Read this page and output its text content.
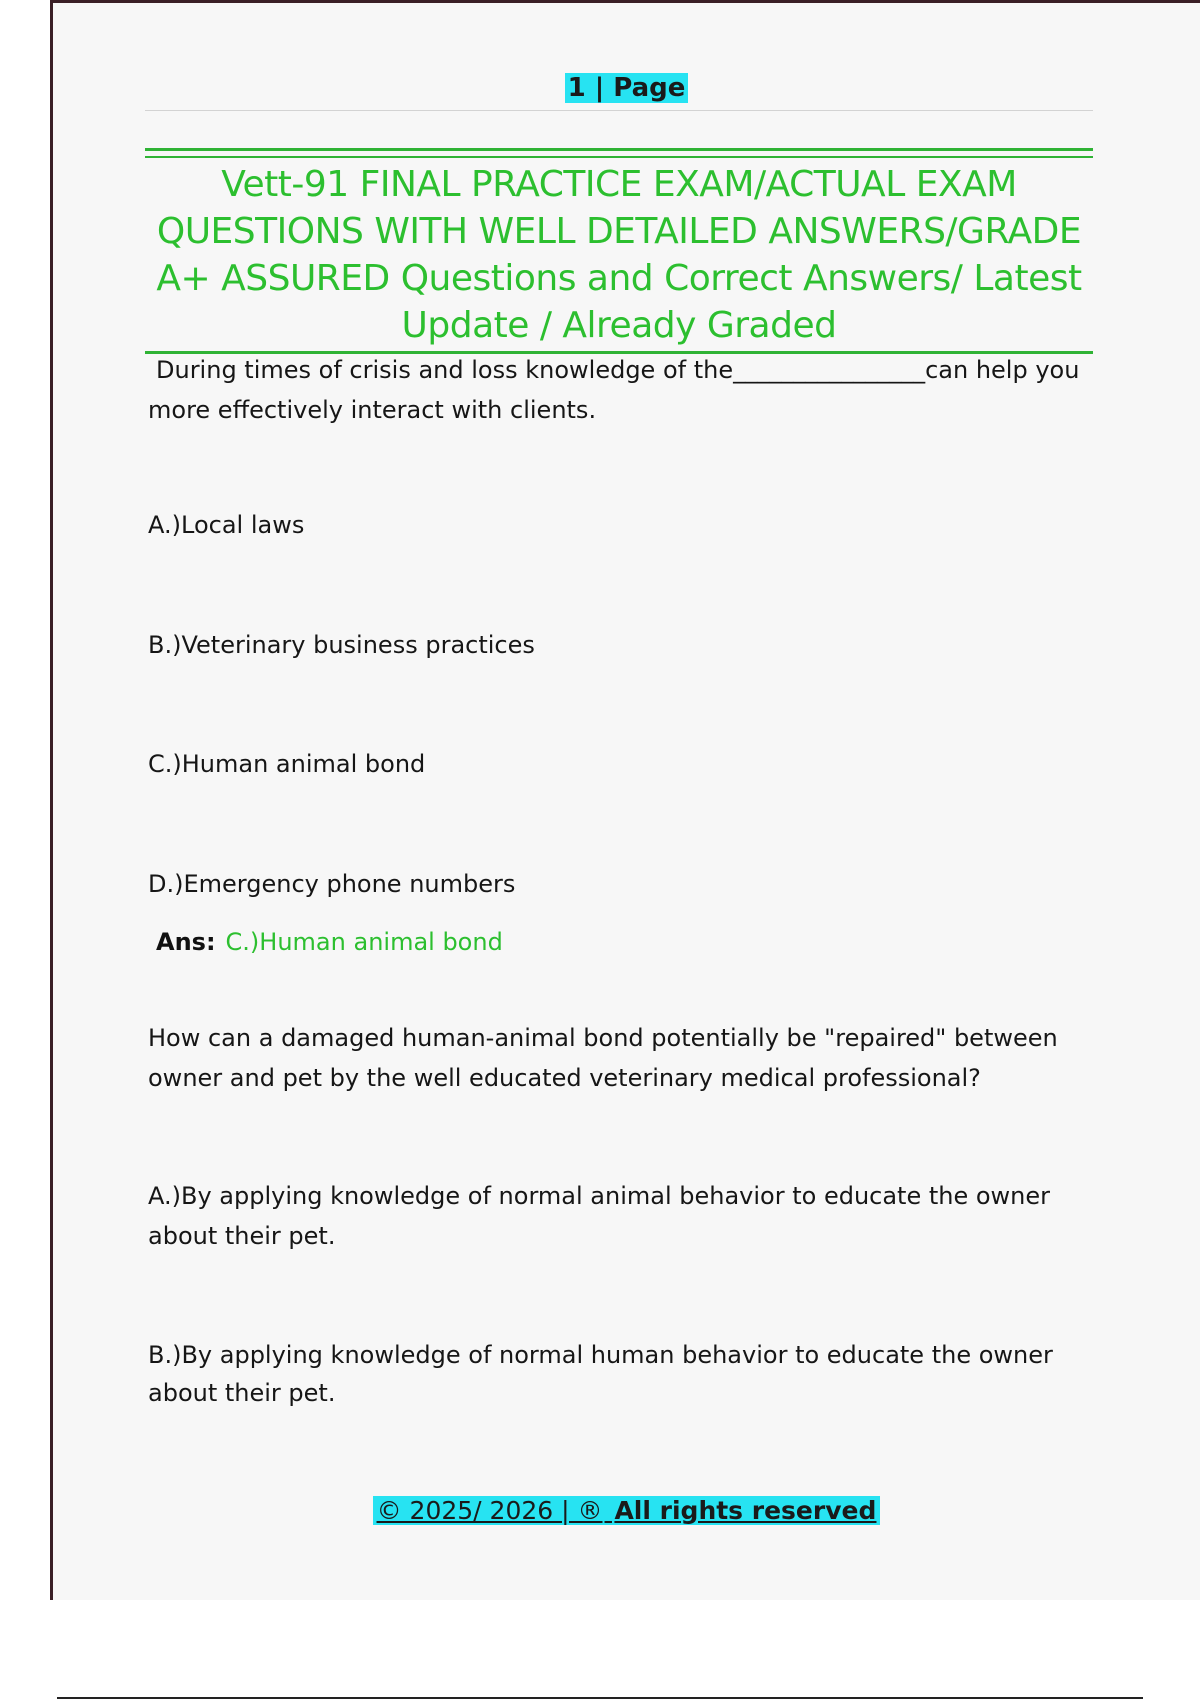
1 | Page
Vett-91 FINAL PRACTICE EXAM/ACTUAL EXAM QUESTIONS WITH WELL DETAILED ANSWERS/GRADE A+ ASSURED Questions and Correct Answers/ Latest Update / Already Graded
During times of crisis and loss knowledge of the________________can help you more effectively interact with clients.
A.)Local laws
B.)Veterinary business practices
C.)Human animal bond
D.)Emergency phone numbers
Ans: C.)Human animal bond
How can a damaged human-animal bond potentially be "repaired" between owner and pet by the well educated veterinary medical professional?
A.)By applying knowledge of normal animal behavior to educate the owner about their pet.
B.)By applying knowledge of normal human behavior to educate the owner about their pet.
© 2025/ 2026 | ® All rights reserved
